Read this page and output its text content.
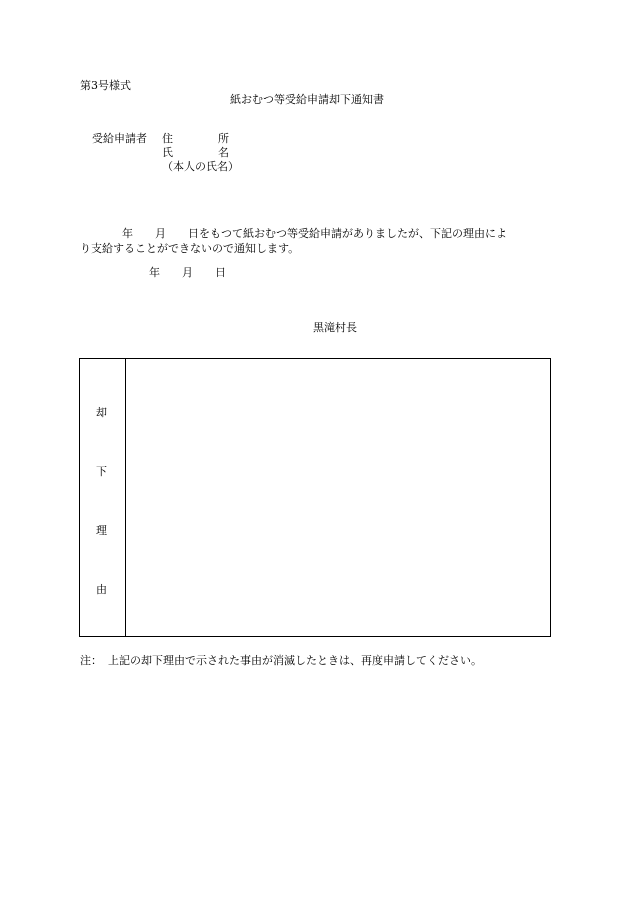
第3号様式
紙おむつ等受給申請却下通知書
受給申請者 住	所
氏	名
（本人の氏名）
年 月 日をもつて紙おむつ等受給申請がありましたが、下記の理由によ
り支給することができないので通知します。
年 月 日
黒滝村長
却
下
理
由
注： 上記の却下理由で示された事由が消滅したときは、再度申請してください。
